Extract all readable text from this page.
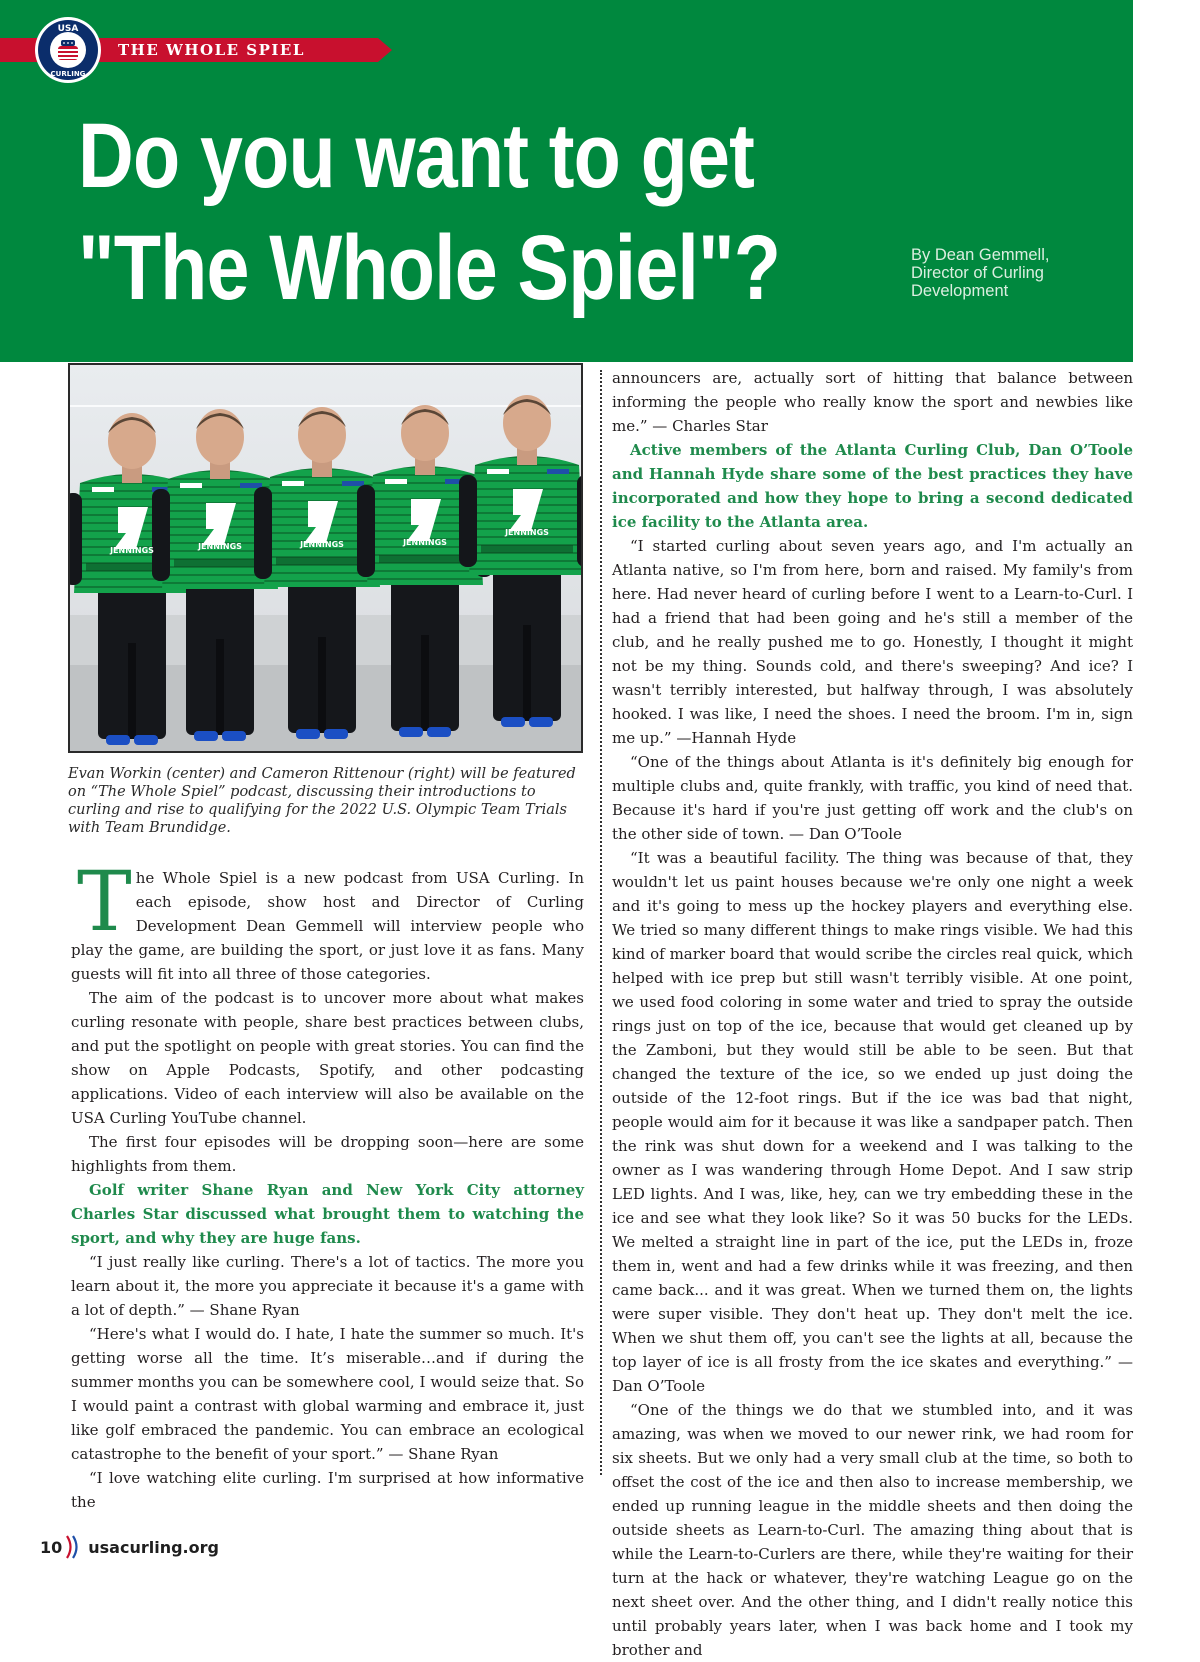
THE WHOLE SPIEL
USA
CURLING
Do you want to get
"The Whole Spiel"?	By Dean Gemmell,
Director of Curling
Development
JENNINGS	JENNINGS	JENNINGS	JENNINGS
JENNINGS

Evan Workin (center) and Cameron Rittenour (right) will be featured on “The Whole Spiel” podcast, discussing their introductions to curling and rise to qualifying for the 2022 U.S. Olympic Team Trials with Team Brundidge.

The Whole Spiel is a new podcast from USA Curling. In each episode, show host and Director of Curling Development Dean Gemmell will interview people who play the game, are building the sport, or just love it as fans. Many guests will fit into all three of those categories.

The aim of the podcast is to uncover more about what makes curling resonate with people, share best practices between clubs, and put the spotlight on people with great stories. You can find the show on Apple Podcasts, Spotify, and other podcasting applications. Video of each interview will also be available on the USA Curling YouTube channel.

The first four episodes will be dropping soon—here are some highlights from them.

Golf writer Shane Ryan and New York City attorney Charles Star discussed what brought them to watching the sport, and why they are huge fans.

“I just really like curling. There's a lot of tactics. The more you learn about it, the more you appreciate it because it's a game with a lot of depth.” — Shane Ryan

“Here's what I would do. I hate, I hate the summer so much. It's getting worse all the time. It’s miserable…and if during the summer months you can be somewhere cool, I would seize that. So I would paint a contrast with global warming and embrace it, just like golf embraced the pandemic. You can embrace an ecological catastrophe to the benefit of your sport.” — Shane Ryan

“I love watching elite curling. I'm surprised at how informative the

announcers are, actually sort of hitting that balance between informing the people who really know the sport and newbies like me.” — Charles Star

Active members of the Atlanta Curling Club, Dan O’Toole and Hannah Hyde share some of the best practices they have incorporated and how they hope to bring a second dedicated ice facility to the Atlanta area.

“I started curling about seven years ago, and I'm actually an Atlanta native, so I'm from here, born and raised. My family's from here. Had never heard of curling before I went to a Learn-to-Curl. I had a friend that had been going and he's still a member of the club, and he really pushed me to go. Honestly, I thought it might not be my thing. Sounds cold, and there's sweeping? And ice? I wasn't terribly interested, but halfway through, I was absolutely hooked. I was like, I need the shoes. I need the broom. I'm in, sign me up.” —Hannah Hyde

“One of the things about Atlanta is it's definitely big enough for multiple clubs and, quite frankly, with traffic, you kind of need that. Because it's hard if you're just getting off work and the club's on the other side of town. — Dan O’Toole

“It was a beautiful facility. The thing was because of that, they wouldn't let us paint houses because we're only one night a week and it's going to mess up the hockey players and everything else. We tried so many different things to make rings visible. We had this kind of marker board that would scribe the circles real quick, which helped with ice prep but still wasn't terribly visible. At one point, we used food coloring in some water and tried to spray the outside rings just on top of the ice, because that would get cleaned up by the Zamboni, but they would still be able to be seen. But that changed the texture of the ice, so we ended up just doing the outside of the 12-foot rings. But if the ice was bad that night, people would aim for it because it was like a sandpaper patch. Then the rink was shut down for a weekend and I was talking to the owner as I was wandering through Home Depot. And I saw strip LED lights. And I was, like, hey, can we try embedding these in the ice and see what they look like? So it was 50 bucks for the LEDs. We melted a straight line in part of the ice, put the LEDs in, froze them in, went and had a few drinks while it was freezing, and then came back... and it was great. When we turned them on, the lights were super visible. They don't heat up. They don't melt the ice. When we shut them off, you can't see the lights at all, because the top layer of ice is all frosty from the ice skates and everything.” — Dan O’Toole

“One of the things we do that we stumbled into, and it was amazing, was when we moved to our newer rink, we had room for six sheets. But we only had a very small club at the time, so both to offset the cost of the ice and then also to increase membership, we ended up running league in the middle sheets and then doing the outside sheets as Learn-to-Curl. The amazing thing about that is while the Learn-to-Curlers are there, while they're waiting for their turn at the hack or whatever, they're watching League go on the next sheet over. And the other thing, and I didn't really notice this until probably years later, when I was back home and I took my brother and

10 usacurling.org
